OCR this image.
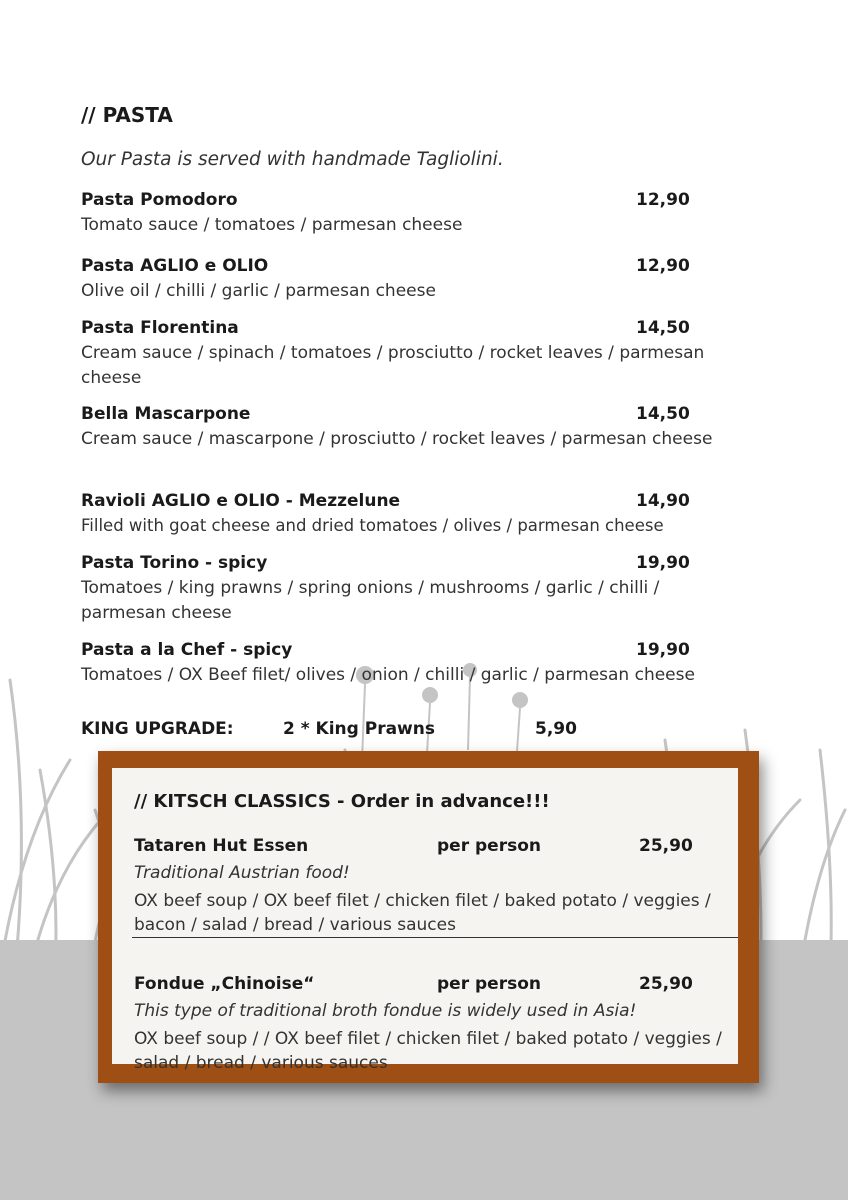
// PASTA

Our Pasta is served with handmade Tagliolini.

Pasta Pomodoro	12,90
Tomato sauce / tomatoes / parmesan cheese
Pasta AGLIO e OLIO	12,90
Olive oil / chilli / garlic / parmesan cheese
Pasta Florentina	14,50
Cream sauce / spinach / tomatoes / prosciutto / rocket leaves / parmesan cheese
Bella Mascarpone	14,50
Cream sauce / mascarpone / prosciutto / rocket leaves / parmesan cheese
Ravioli AGLIO e OLIO - Mezzelune	14,90
Filled with goat cheese and dried tomatoes / olives / parmesan cheese
Pasta Torino - spicy	19,90
Tomatoes / king prawns / spring onions / mushrooms / garlic / chilli / parmesan cheese
Pasta a la Chef - spicy	19,90
Tomatoes / OX Beef filet/ olives / onion / chilli / garlic / parmesan cheese
KING UPGRADE:	2 * King Prawns	5,90
// KITSCH CLASSICS - Order in advance!!!
Tataren Hut Essen	per person	25,90
Traditional Austrian food!
OX beef soup / OX beef filet / chicken filet / baked potato / veggies / bacon / salad / bread / various sauces
Fondue „Chinoise“	per person	25,90
This type of traditional broth fondue is widely used in Asia!
OX beef soup / / OX beef filet / chicken filet / baked potato / veggies / salad / bread / various sauces
